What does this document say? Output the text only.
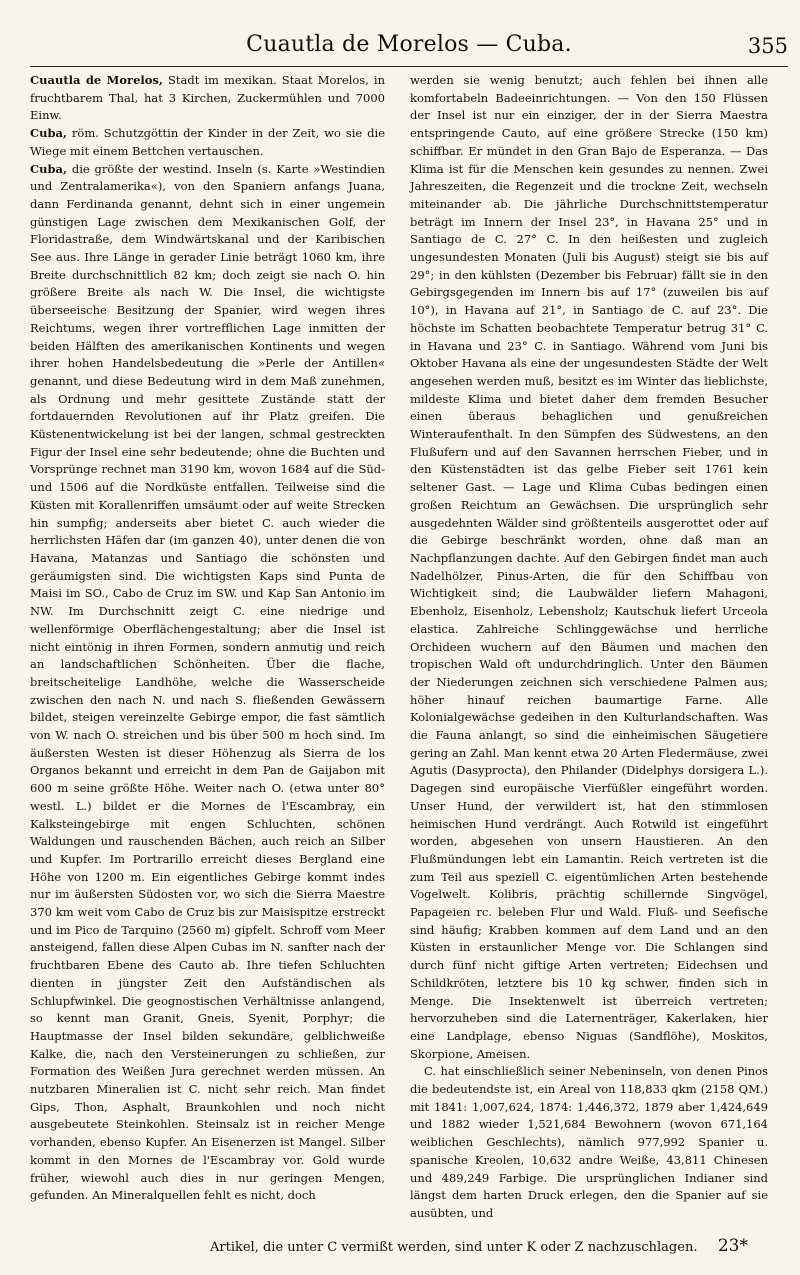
Cuautla de Morelos — Cuba.	355

Cuautla de Morelos, Stadt im mexikan. Staat Morelos, in fruchtbarem Thal, hat 3 Kirchen, Zuckermühlen und 7000 Einw.

Cuba, röm. Schutzgöttin der Kinder in der Zeit, wo sie die Wiege mit einem Bettchen vertauschen.

Cuba, die größte der westind. Inseln (s. Karte »Westindien und Zentralamerika«), von den Spaniern anfangs Juana, dann Ferdinanda genannt, dehnt sich in einer ungemein günstigen Lage zwischen dem Mexikanischen Golf, der Floridastraße, dem Windwärtskanal und der Karibischen See aus. Ihre Länge in gerader Linie beträgt 1060 km, ihre Breite durchschnittlich 82 km; doch zeigt sie nach O. hin größere Breite als nach W. Die Insel, die wichtigste überseeische Besitzung der Spanier, wird wegen ihres Reichtums, wegen ihrer vortrefflichen Lage inmitten der beiden Hälften des amerikanischen Kontinents und wegen ihrer hohen Handelsbedeutung die »Perle der Antillen« genannt, und diese Bedeutung wird in dem Maß zunehmen, als Ordnung und mehr gesittete Zustände statt der fortdauernden Revolutionen auf ihr Platz greifen. Die Küstenentwickelung ist bei der langen, schmal gestreckten Figur der Insel eine sehr bedeutende; ohne die Buchten und Vorsprünge rechnet man 3190 km, wovon 1684 auf die Süd- und 1506 auf die Nordküste entfallen. Teilweise sind die Küsten mit Korallenriffen umsäumt oder auf weite Strecken hin sumpfig; anderseits aber bietet C. auch wieder die herrlichsten Häfen dar (im ganzen 40), unter denen die von Havana, Matanzas und Santiago die schönsten und geräumigsten sind. Die wichtigsten Kaps sind Punta de Maisi im SO., Cabo de Cruz im SW. und Kap San Antonio im NW. Im Durchschnitt zeigt C. eine niedrige und wellenförmige Oberflächengestaltung; aber die Insel ist nicht eintönig in ihren Formen, sondern anmutig und reich an landschaftlichen Schönheiten. Über die flache, breitscheitelige Landhöhe, welche die Wasserscheide zwischen den nach N. und nach S. fließenden Gewässern bildet, steigen vereinzelte Gebirge empor, die fast sämtlich von W. nach O. streichen und bis über 500 m hoch sind. Im äußersten Westen ist dieser Höhenzug als Sierra de los Organos bekannt und erreicht in dem Pan de Gaijabon mit 600 m seine größte Höhe. Weiter nach O. (etwa unter 80° westl. L.) bildet er die Mornes de l'Escambray, ein Kalksteingebirge mit engen Schluchten, schönen Waldungen und rauschenden Bächen, auch reich an Silber und Kupfer. Im Portrarillo erreicht dieses Bergland eine Höhe von 1200 m. Ein eigentliches Gebirge kommt indes nur im äußersten Südosten vor, wo sich die Sierra Maestre 370 km weit vom Cabo de Cruz bis zur Maisispitze erstreckt und im Pico de Tarquino (2560 m) gipfelt. Schroff vom Meer ansteigend, fallen diese Alpen Cubas im N. sanfter nach der fruchtbaren Ebene des Cauto ab. Ihre tiefen Schluchten dienten in jüngster Zeit den Aufständischen als Schlupfwinkel. Die geognostischen Verhältnisse anlangend, so kennt man Granit, Gneis, Syenit, Porphyr; die Hauptmasse der Insel bilden sekundäre, gelblichweiße Kalke, die, nach den Versteinerungen zu schließen, zur Formation des Weißen Jura gerechnet werden müssen. An nutzbaren Mineralien ist C. nicht sehr reich. Man findet Gips, Thon, Asphalt, Braunkohlen und noch nicht ausgebeutete Steinkohlen. Steinsalz ist in reicher Menge vorhanden, ebenso Kupfer. An Eisenerzen ist Mangel. Silber kommt in den Mornes de l'Escambray vor. Gold wurde früher, wiewohl auch dies in nur geringen Mengen, gefunden. An Mineralquellen fehlt es nicht, doch

werden sie wenig benutzt; auch fehlen bei ihnen alle komfortabeln Badeeinrichtungen. — Von den 150 Flüssen der Insel ist nur ein einziger, der in der Sierra Maestra entspringende Cauto, auf eine größere Strecke (150 km) schiffbar. Er mündet in den Gran Bajo de Esperanza. — Das Klima ist für die Menschen kein gesundes zu nennen. Zwei Jahreszeiten, die Regenzeit und die trockne Zeit, wechseln miteinander ab. Die jährliche Durchschnittstemperatur beträgt im Innern der Insel 23°, in Havana 25° und in Santiago de C. 27° C. In den heißesten und zugleich ungesundesten Monaten (Juli bis August) steigt sie bis auf 29°; in den kühlsten (Dezember bis Februar) fällt sie in den Gebirgsgegenden im Innern bis auf 17° (zuweilen bis auf 10°), in Havana auf 21°, in Santiago de C. auf 23°. Die höchste im Schatten beobachtete Temperatur betrug 31° C. in Havana und 23° C. in Santiago. Während vom Juni bis Oktober Havana als eine der ungesundesten Städte der Welt angesehen werden muß, besitzt es im Winter das lieblichste, mildeste Klima und bietet daher dem fremden Besucher einen überaus behaglichen und genußreichen Winteraufenthalt. In den Sümpfen des Südwestens, an den Flußufern und auf den Savannen herrschen Fieber, und in den Küstenstädten ist das gelbe Fieber seit 1761 kein seltener Gast. — Lage und Klima Cubas bedingen einen großen Reichtum an Gewächsen. Die ursprünglich sehr ausgedehnten Wälder sind größtenteils ausgerottet oder auf die Gebirge beschränkt worden, ohne daß man an Nachpflanzungen dachte. Auf den Gebirgen findet man auch Nadelhölzer, Pinus-Arten, die für den Schiffbau von Wichtigkeit sind; die Laubwälder liefern Mahagoni, Ebenholz, Eisenholz, Lebensholz; Kautschuk liefert Urceola elastica. Zahlreiche Schlinggewächse und herrliche Orchideen wuchern auf den Bäumen und machen den tropischen Wald oft undurchdringlich. Unter den Bäumen der Niederungen zeichnen sich verschiedene Palmen aus; höher hinauf reichen baumartige Farne. Alle Kolonialgewächse gedeihen in den Kulturlandschaften. Was die Fauna anlangt, so sind die einheimischen Säugetiere gering an Zahl. Man kennt etwa 20 Arten Fledermäuse, zwei Agutis (Dasyprocta), den Philander (Didelphys dorsigera L.). Dagegen sind europäische Vierfüßler eingeführt worden. Unser Hund, der verwildert ist, hat den stimmlosen heimischen Hund verdrängt. Auch Rotwild ist eingeführt worden, abgesehen von unsern Haustieren. An den Flußmündungen lebt ein Lamantin. Reich vertreten ist die zum Teil aus speziell C. eigentümlichen Arten bestehende Vogelwelt. Kolibris, prächtig schillernde Singvögel, Papageien rc. beleben Flur und Wald. Fluß- und Seefische sind häufig; Krabben kommen auf dem Land und an den Küsten in erstaunlicher Menge vor. Die Schlangen sind durch fünf nicht giftige Arten vertreten; Eidechsen und Schildkröten, letztere bis 10 kg schwer, finden sich in Menge. Die Insektenwelt ist überreich vertreten; hervorzuheben sind die Laternenträger, Kakerlaken, hier eine Landplage, ebenso Niguas (Sandflöhe), Moskitos, Skorpione, Ameisen.

C. hat einschließlich seiner Nebeninseln, von denen Pinos die bedeutendste ist, ein Areal von 118,833 qkm (2158 QM.) mit 1841: 1,007,624, 1874: 1,446,372, 1879 aber 1,424,649 und 1882 wieder 1,521,684 Bewohnern (wovon 671,164 weiblichen Geschlechts), nämlich 977,992 Spanier u. spanische Kreolen, 10,632 andre Weiße, 43,811 Chinesen und 489,249 Farbige. Die ursprünglichen Indianer sind längst dem harten Druck erlegen, den die Spanier auf sie ausübten, und

Artikel, die unter C vermißt werden, sind unter K oder Z nachzuschlagen. 23*
